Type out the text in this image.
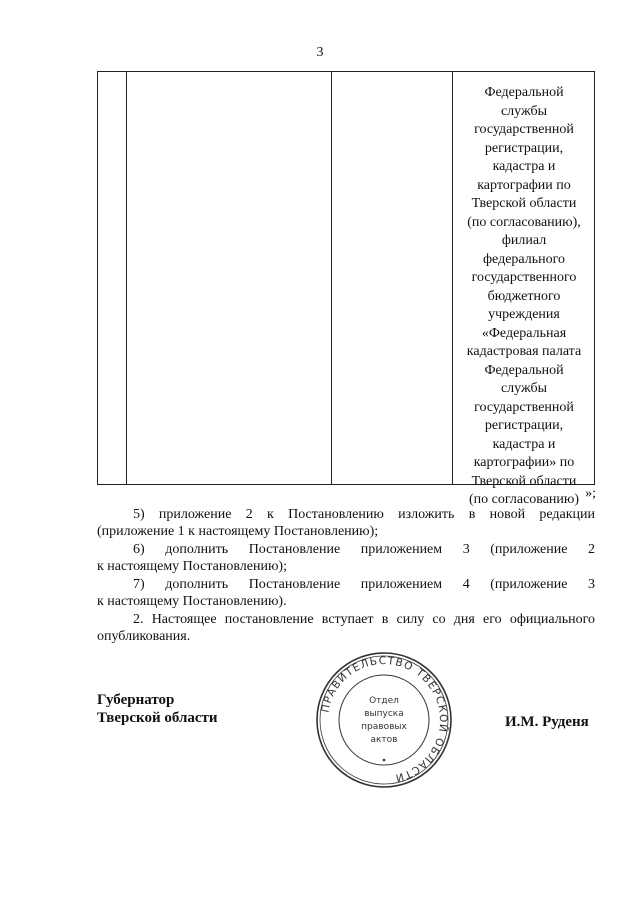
3
Федеральной
службы
государственной
регистрации,
кадастра и
картографии по
Тверской области
(по согласованию),
филиал
федерального
государственного
бюджетного
учреждения
«Федеральная
кадастровая палата
Федеральной
службы
государственной
регистрации,
кадастра и
картографии» по
Тверской области
(по согласованию) »;
5) приложение 2 к Постановлению изложить в новой редакции
(приложение 1 к настоящему Постановлению);
6) дополнить Постановление приложением 3 (приложение 2
к настоящему Постановлению);
7) дополнить Постановление приложением 4 (приложение 3
к настоящему Постановлению).
2. Настоящее постановление вступает в силу со дня его официального
опубликования.
Губернатор
Тверской области
ПРАВИТЕЛЬСТВО ТВЕРСКОЙ ОБЛАСТИ
Отдел
выпуска
правовых
актов
И.М. Руденя
